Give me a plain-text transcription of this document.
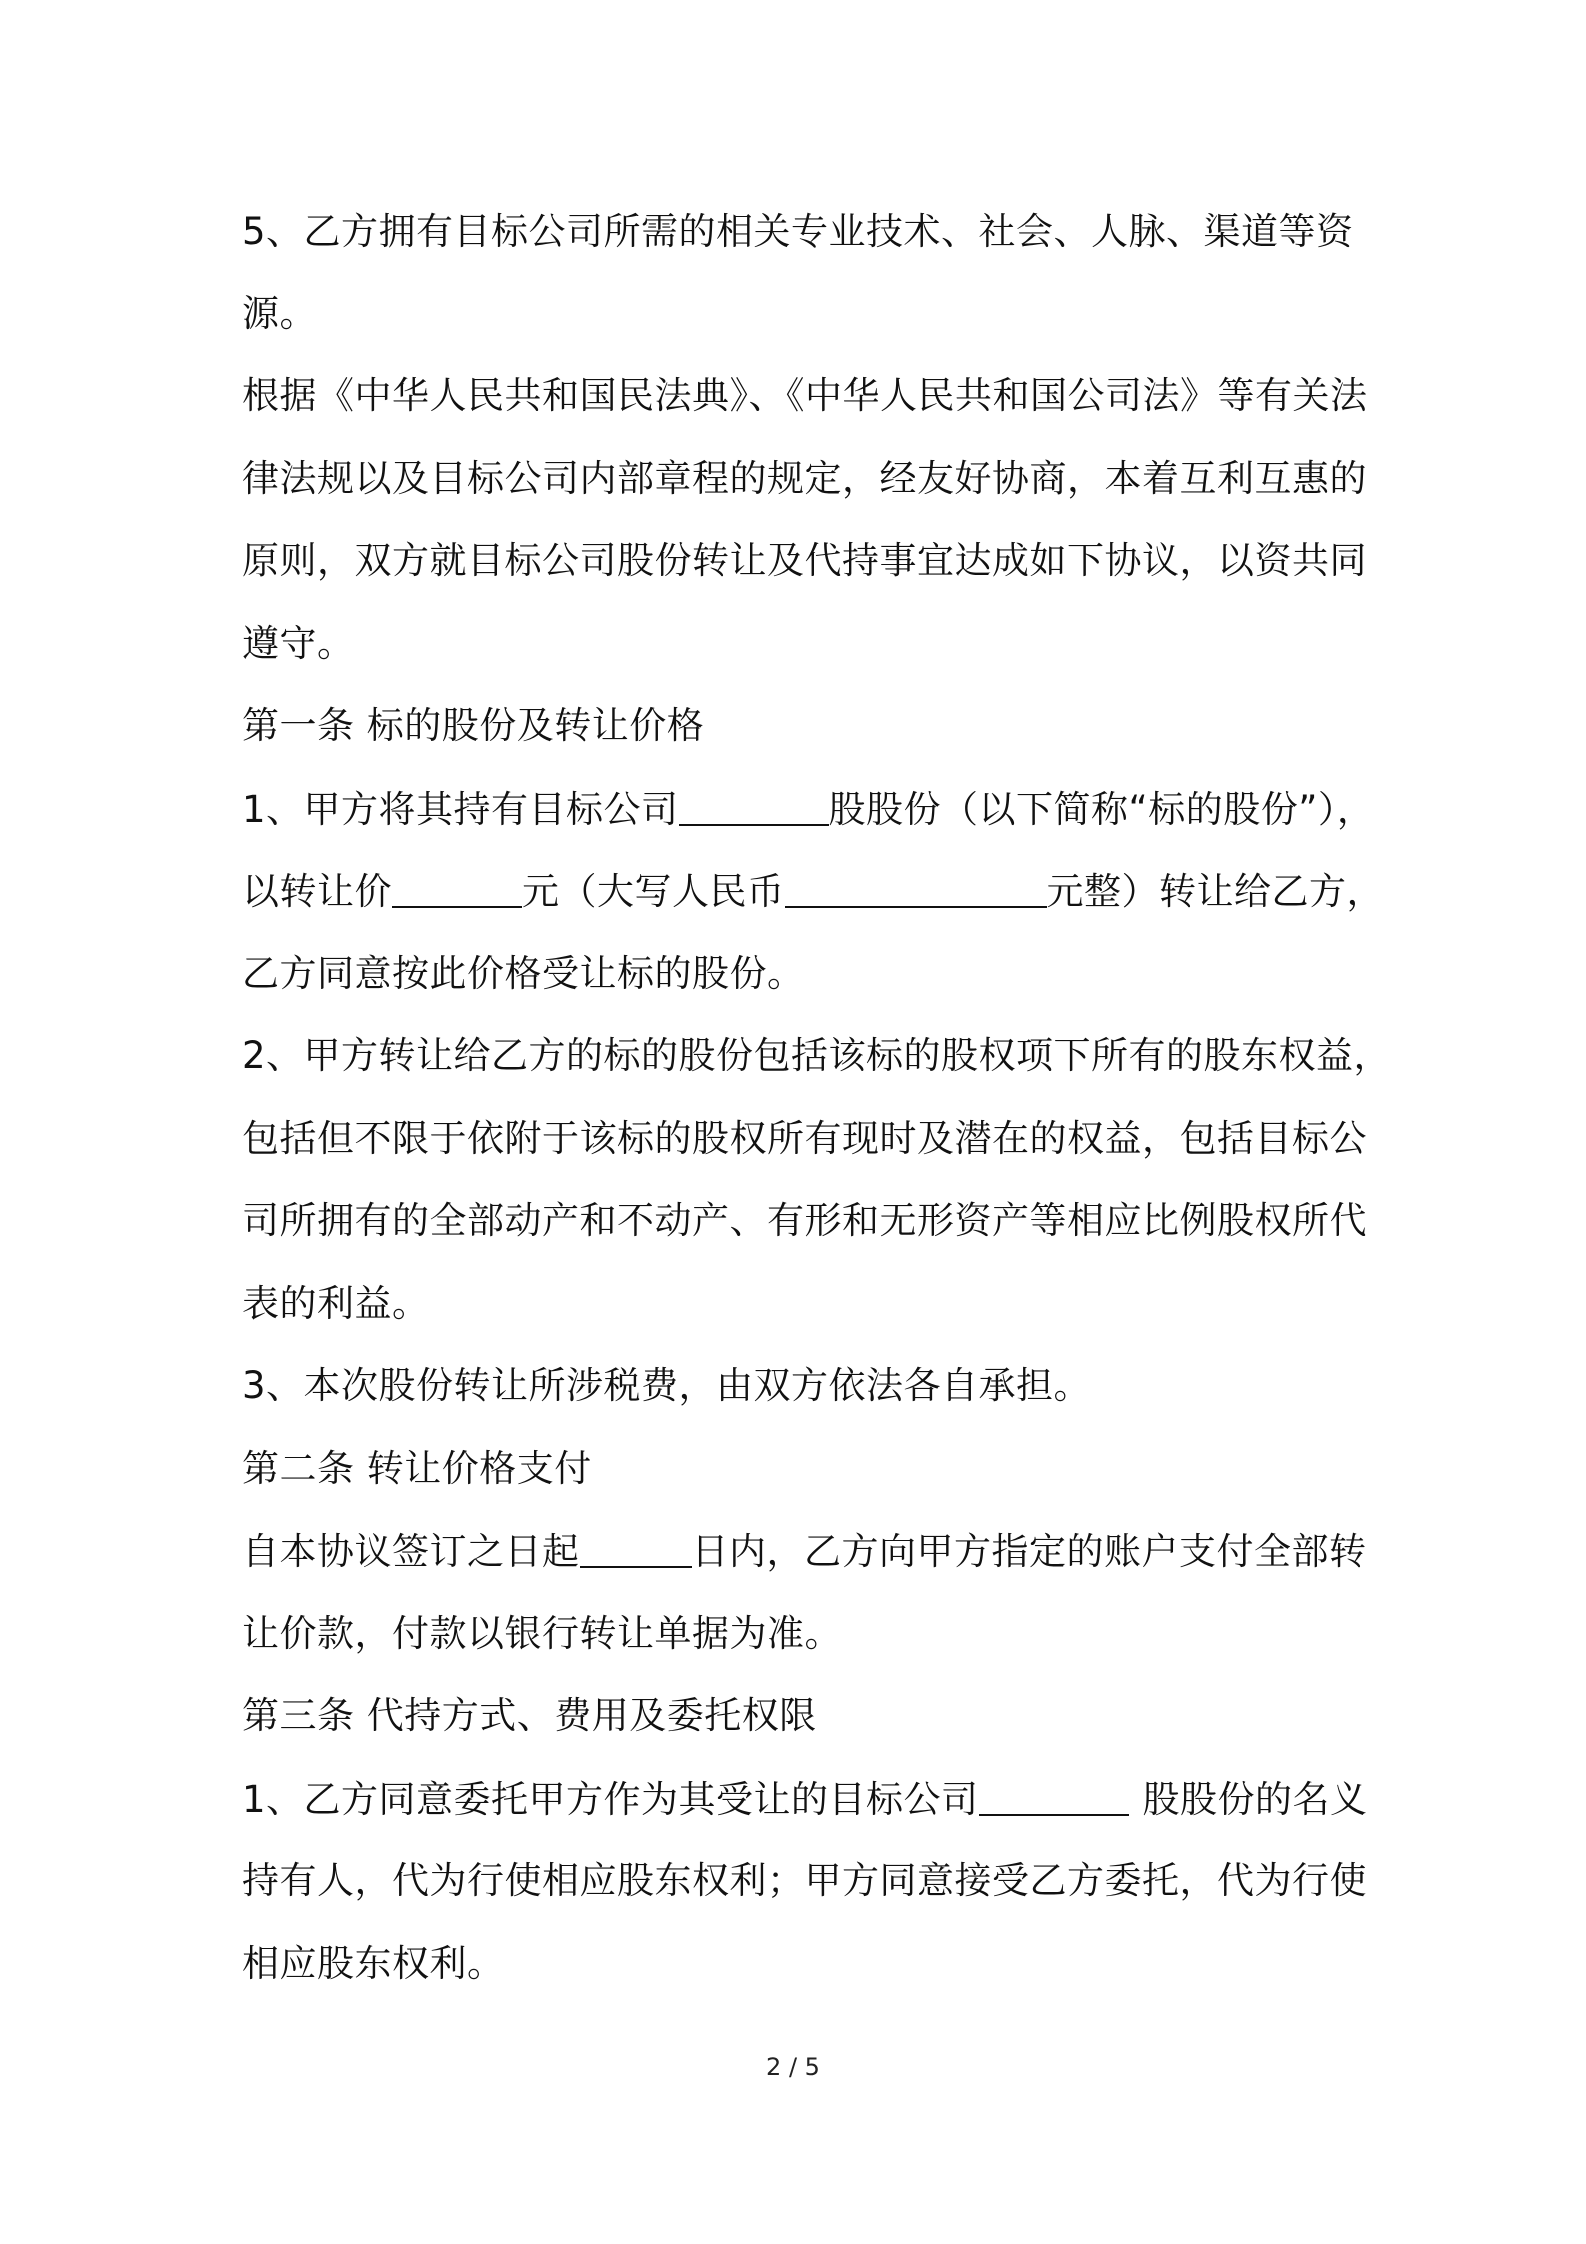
5、乙方拥有目标公司所需的相关专业技术、社会、人脉、渠道等资
源。
根据《中华人民共和国民法典》、《中华人民共和国公司法》等有关法
律法规以及目标公司内部章程的规定，经友好协商，本着互利互惠的
原则，双方就目标公司股份转让及代持事宜达成如下协议，以资共同
遵守。
第一条 标的股份及转让价格
1、甲方将其持有目标公司	股股份（以下简称“标的股份”），
以转让价	元（大写人民币	元整）转让给乙方，
乙方同意按此价格受让标的股份。
2、甲方转让给乙方的标的股份包括该标的股权项下所有的股东权益，
包括但不限于依附于该标的股权所有现时及潜在的权益，包括目标公
司所拥有的全部动产和不动产、有形和无形资产等相应比例股权所代
表的利益。
3、本次股份转让所涉税费，由双方依法各自承担。
第二条 转让价格支付
自本协议签订之日起	日内，乙方向甲方指定的账户支付全部转
让价款，付款以银行转让单据为准。
第三条 代持方式、费用及委托权限
1、乙方同意委托甲方作为其受让的目标公司	股股份的名义
持有人，代为行使相应股东权利；甲方同意接受乙方委托，代为行使
相应股东权利。
2 / 5
